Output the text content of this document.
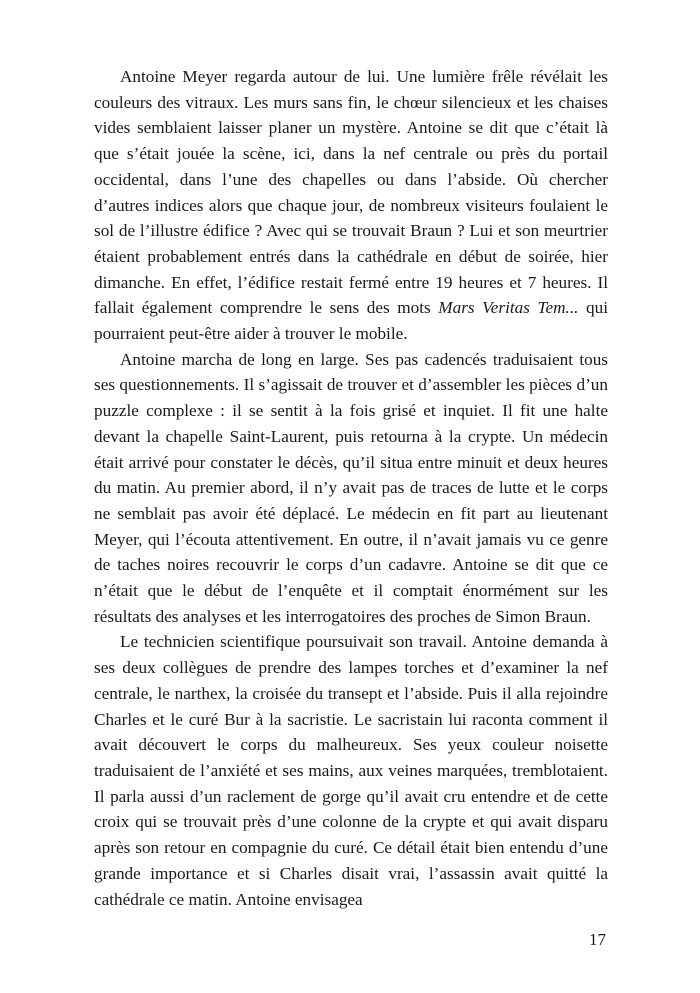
Antoine Meyer regarda autour de lui. Une lumière frêle révélait les couleurs des vitraux. Les murs sans fin, le chœur silencieux et les chaises vides semblaient laisser planer un mystère. Antoine se dit que c’était là que s’était jouée la scène, ici, dans la nef centrale ou près du portail occidental, dans l’une des chapelles ou dans l’abside. Où chercher d’autres indices alors que chaque jour, de nombreux visiteurs foulaient le sol de l’illustre édifice ? Avec qui se trouvait Braun ? Lui et son meurtrier étaient probablement entrés dans la cathédrale en début de soirée, hier dimanche. En effet, l’édifice restait fermé entre 19 heures et 7 heures. Il fallait également comprendre le sens des mots Mars Veritas Tem... qui pourraient peut-être aider à trouver le mobile.

Antoine marcha de long en large. Ses pas cadencés traduisaient tous ses questionnements. Il s’agissait de trouver et d’assembler les pièces d’un puzzle complexe : il se sentit à la fois grisé et inquiet. Il fit une halte devant la chapelle Saint-Laurent, puis retourna à la crypte. Un médecin était arrivé pour constater le décès, qu’il situa entre minuit et deux heures du matin. Au premier abord, il n’y avait pas de traces de lutte et le corps ne semblait pas avoir été déplacé. Le médecin en fit part au lieutenant Meyer, qui l’écouta attentivement. En outre, il n’avait jamais vu ce genre de taches noires recouvrir le corps d’un cadavre. Antoine se dit que ce n’était que le début de l’enquête et il comptait énormément sur les résultats des analyses et les interrogatoires des proches de Simon Braun.

Le technicien scientifique poursuivait son travail. Antoine demanda à ses deux collègues de prendre des lampes torches et d’examiner la nef centrale, le narthex, la croisée du transept et l’abside. Puis il alla rejoindre Charles et le curé Bur à la sacristie. Le sacristain lui raconta comment il avait découvert le corps du malheureux. Ses yeux couleur noisette traduisaient de l’anxiété et ses mains, aux veines marquées, tremblotaient. Il parla aussi d’un raclement de gorge qu’il avait cru entendre et de cette croix qui se trouvait près d’une colonne de la crypte et qui avait disparu après son retour en compagnie du curé. Ce détail était bien entendu d’une grande importance et si Charles disait vrai, l’assassin avait quitté la cathédrale ce matin. Antoine envisagea

17
